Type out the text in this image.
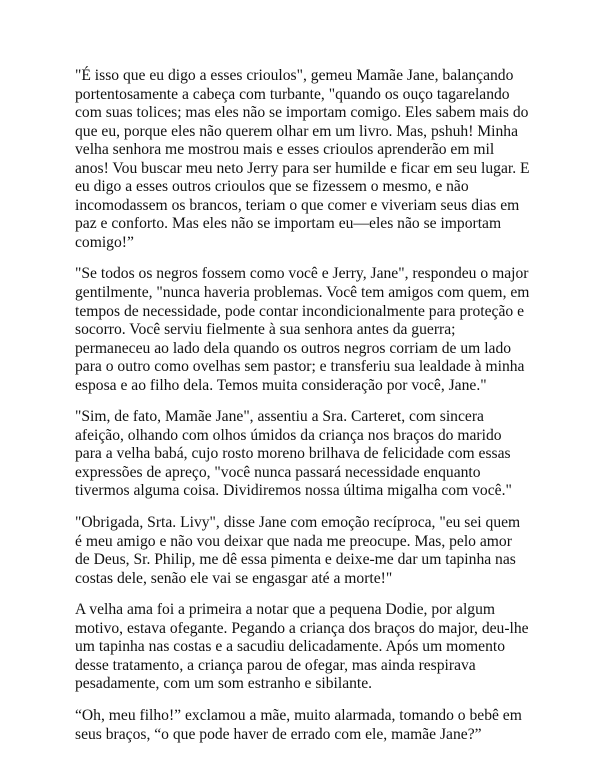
"É isso que eu digo a esses crioulos", gemeu Mamãe Jane, balançando portentosamente a cabeça com turbante, "quando os ouço tagarelando com suas tolices; mas eles não se importam comigo. Eles sabem mais do que eu, porque eles não querem olhar em um livro. Mas, pshuh! Minha velha senhora me mostrou mais e esses crioulos aprenderão em mil anos! Vou buscar meu neto Jerry para ser humilde e ficar em seu lugar. E eu digo a esses outros crioulos que se fizessem o mesmo, e não incomodassem os brancos, teriam o que comer e viveriam seus dias em paz e conforto. Mas eles não se importam eu—eles não se importam comigo!”

"Se todos os negros fossem como você e Jerry, Jane", respondeu o major gentilmente, "nunca haveria problemas. Você tem amigos com quem, em tempos de necessidade, pode contar incondicionalmente para proteção e socorro. Você serviu fielmente à sua senhora antes da guerra; permaneceu ao lado dela quando os outros negros corriam de um lado para o outro como ovelhas sem pastor; e transferiu sua lealdade à minha esposa e ao filho dela. Temos muita consideração por você, Jane."

"Sim, de fato, Mamãe Jane", assentiu a Sra. Carteret, com sincera afeição, olhando com olhos úmidos da criança nos braços do marido para a velha babá, cujo rosto moreno brilhava de felicidade com essas expressões de apreço, "você nunca passará necessidade enquanto tivermos alguma coisa. Dividiremos nossa última migalha com você."

"Obrigada, Srta. Livy", disse Jane com emoção recíproca, "eu sei quem é meu amigo e não vou deixar que nada me preocupe. Mas, pelo amor de Deus, Sr. Philip, me dê essa pimenta e deixe-me dar um tapinha nas costas dele, senão ele vai se engasgar até a morte!"

A velha ama foi a primeira a notar que a pequena Dodie, por algum motivo, estava ofegante. Pegando a criança dos braços do major, deu-lhe um tapinha nas costas e a sacudiu delicadamente. Após um momento desse tratamento, a criança parou de ofegar, mas ainda respirava pesadamente, com um som estranho e sibilante.

“Oh, meu filho!” exclamou a mãe, muito alarmada, tomando o bebê em seus braços, “o que pode haver de errado com ele, mamãe Jane?”
